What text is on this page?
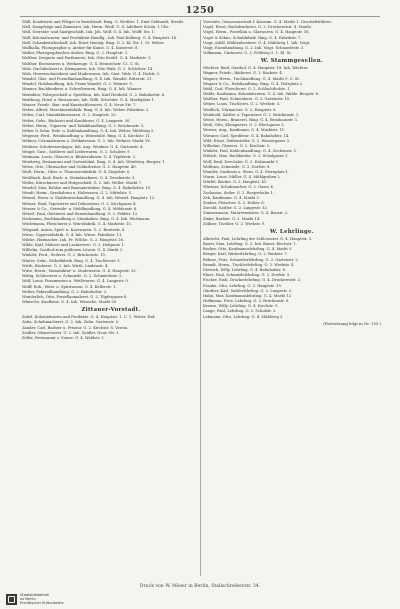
1250
Wüll, Konditorei und Pfleger in Rudolstadt. Rmg. G. Weißstr. 1. Emil Gebhardt, Straße.
Wall, Dampfsäge und Zimmerei, Inh. Herm. Weiß. G. 4. Adelbert Schön. 1 Uhr.
Wall, Getreide- und Saatgeschäft, Inh. Joh. Wolf. G. 4. Inh. Wolff. Str. 1.
Wall, Kolonialwaren- und Produkten-Handlg., Inh. Paul Kolberg. G. 4. Hauptstr. 14.
Wall, Schankwirthschaft, Inh. Ernst Hennig. Rmg. G. 2. Kl. Str. 1. St. Weber.
Wallhalla, Photographie u. Atelier für Kunst. G. 4. Kaiserstr. 8.
Walter, Photographisches Atelier. Rmg. G. 2. Hauptstr. 1.
Walther, Drogerie und Parfümerie, Inh. Otto Seidel. G. 4. Marktstr. 3.
Walther, Eisenwaren u. Werkzeuge. G. 4. Heinrichstr. 12. C. St.
Walz, Dachdeckerei u. Klempnerei, Inh. Otto Walz. G. 2. Schloßstr. 14.
Walz, Herrenschneiderei und Modewaren, Inh. Gust. Walz. G. 4. Hofstr. 2.
Wandel, Glas- und Porzellanhandlung. G. 4. Inh. Wandel. Ritterstr. 21.
Wandel, Holzhandlung, Inh. Franz Wandel. G. 2. Weinstr. 9.
Wanner, Buchbinderei u. Schreibwaren. Rmg. G. 4. Inh. Wanner.
Warmbier, Fuhrgeschäft u. Spedition, Inh. Karl Heubold. G. 2. Bahnhofstr. 6.
Wartburg, Hotel u. Restaurant, Inh. Wilh. Schröder. G. 4. Marktplatz 1.
Wasser, Friedr., Bau- und Kunstschlosserei. G. 4. Neue Str. 7.
Weber, Alfred, Maschinenfabrik. Rmg. G. 4. Inh. Weber. Fabrikstr. 2.
Weber, Carl, Manufakturwaren. G. 2. Hauptstr. 22.
Weber, Gebr., Bäckerei und Konditorei. G. 4. Langestr. 30.
Weber, Heinr., Cigarren- und Tabakhandlung. G. 2. Brückenstr. 3.
Weber & Sohn, Holz- u. Kohlenhandlung. G. 4. Inh. Weber. Mühlweg 5.
Wegener, Ferd., Weinhandlung u. Weinstube. Rmg. G. 4. Kirchstr. 11.
Wehner, Colonialwaren u. Delikatessen. G. 2. Inh. Wehner. Markt 18.
Weidner, Schuhwarenlager, Inh. Aug. Weidner. G. 4. Gartenstr. 4.
Weigel, Gust., Sattlerei und Lederwaren. G. 2. Schulstr. 9.
Weimann, Louis, Glaserei u. Bilderrahmen. G. 4. Töpferstr. 2.
Weinberg, Restaurant und Gartenlokal. Rmg. G. 4. Inh. Weinberg. Bergstr. 1.
Weise, Otto, Uhrmacher und Goldarbeiter. G. 2. Hauptstr. 40.
Weiß, Herm., Ofen- u. Thonwarenfabrik. G. 4. Ziegelstr. 6.
Weißbach, Karl, Buch- u. Steindruckerei. G. 4. Druckerstr. 3.
Weller, Kürschnerei und Hutgeschäft. G. 2. Inh. Weller. Markt 7.
Wendel, Max, Kohlen und Baumaterialien. Rmg. G. 4. Bahnhofstr. 19.
Wendt, Heinr., Drechslerei u. Holzwaren. G. 2. Mittelstr. 5.
Wenzel, Eisen- u. Stahlwarenhandlung. G. 4. Inh. Wenzel. Hauptstr. 12.
Werner, Emil, Tapezierer und Dekorateur. G. 2. Kirchgasse 4.
Werner & Co., Getreide- u. Mehlhandlung. G. 4. Mühlenstr. 8.
Wetzel, Paul, Gärtnerei und Samenhandlung. G. 2. Feldstr. 13.
Wichmann, Buchhandlung u. Musikalien. Rmg. G. 4. Inh. Wichmann.
Wiedemann, Fleischerei u. Wurstfabrik. G. 4. Marktstr. 15.
Wiegand, Anton, Spiel- u. Kurzwaren. G. 2. Breitestr. 6.
Wiese, Cigarrenfabrik. G. 4. Inh. Wiese. Fabrikstr. 11.
Wilcke, Hutmacher, Inh. Fr. Wilcke. G. 2. Hauptstr. 26.
Wilde, Karl, Malerei und Lackiererei. G. 2. Hofgasse 1.
Wilhelm, Gasthof zum goldenen Löwen. G. 4. Markt 2.
Winkler, Ferd., Seilerei. G. 2. Brückenstr. 10.
Winter, Gebr., Möbelfabrik. Rmg. G. 4. Tischlerstr. 3.
Wirth, Bäckerei. G. 2. Inh. Wirth. Lindenstr. 4.
Witte, Herm., Manufaktur- u. Modewaren. G. 4. Hauptstr. 33.
Wittig, Schlosserei u. Schmiede. G. 2. Schmiedestr. 2.
Wolf, Louis, Posamenten u. Weißwaren. G. 4. Langestr. 9.
Wolff, Rob., Wein- u. Spirituosen. G. 4. Kellerstr. 1.
Wolter, Fahrradhandlung. G. 2. Bahnhofstr. 2.
Wunderlich, Otto, Porzellanmalerei. G. 2. Töpfergasse 6.
Wünsche, Kaufhaus. G. 4. Inh. Wünsche. Markt 20.
Zittauer-Vorstadt.
Zabel, Kolonialwaren und Produkte. G. 4. Hauptstr. 1. C. 1. Weber. Hof.
Zahn, Schuhmacherei. G. 2. Inh. Zahn. Gartenstr. 3.
Zander, Carl, Barbier u. Friseur. G. 2. Kirchstr. 8. Verein.
Zeidler, Ofensetzerei. G. 2. Inh. Zeidler. Neue Str. 1.
Zeller, Restaurant z. Sonne. G. 4. Waldstr. 2.
Vorwärts, Genossenschaft f. Konsum. G. 4. Markt 1. Geschäftsführer.
Vogel, Ernst, Buchdruckerei. G. 2. Druckereistr. 4. Straße.
Vogel, Herm., Porzellan u. Glaswaren. G. 4. Hauptstr. 16.
Vogel & Söhne, Schuhfabrik. Rmg. G. 4. Fabrikstr. 7.
Voigt, Adolf, Mühlenbesitzer. G. 4. Mühlweg 1. Inh. Voigt.
Voigt, Eisenhandlung. G. 2. Inh. Voigt. Schmiedestr. 3.
Volkmann, Gärtnerei. G. 2. Feldweg 5. 1. Kl. St.
W. Stammgesellen.
Wächter, Emil, Gasthof. G. 4. Hauptstr. 18. Inh. Wächter.
Wagner, Friedr., Bäckerei. G. 2. Backstr. 4.
Wagner, Herm., Tuchhandlung. G. 4. Markt 9. C. St.
Wagner & Co., Holzhandlung. Rmg. G. 4. Holzplatz 2.
Wahl, Carl, Fleischerei. G. 2. Schlachthofstr. 1.
Walde, Kaufmann, Kolonialwaren. G. 4. Inh. Walde. Bergstr. 6.
Walther, Paul, Schneiderei. G. 2. Gartenstr. 10.
Weber, Louis, Tischlerei. G. 2. Werkstr. 3.
Weidlich, Uhrmacher. G. 2. Hauptstr. 6.
Weinhold, Sattler u. Tapezierer. G. 2. Brückenstr. 1.
Weise, Herm., Brauerei. Rmg. G. 4. Brauhausstr. 1.
Weiß, Otto, Klempnerei. G. 2. Blechgasse 2.
Werner, Aug., Kaufmann. G. 4. Marktstr. 11.
Wiesner, Carl, Spediteur. G. 4. Bahnhofstr. 14.
Wild, Ernst, Seifensieder. G. 2. Wassergasse 3.
Wilhelmi, Glaserei. G. 2. Kirchstr. 5.
Winkler, Paul, Kohlenhandlung. G. 4. Zechenstr. 2.
Wittich, Max, Buchbinder. G. 2. Schulgasse 1.
Wolf, Emil, Drechsler. G. 2. Holzmarkt 3.
Wolfram, Schmiede. G. 2. Dorfstr. 8.
Wunder, Gasthaus z. Stern. G. 4. Sternplatz 1.
Wurm, Louis, Müller. G. 4. Mühlgraben 2.
Würfel, Bäcker. G. 2. Hauptstr. 41.
Wüstner, Schuhmacher. G. 2. Gasse 4.
Zacharias, Seiler. G. 2. Reeperbahn 1.
Zeh, Kaufmann. G. 4. Markt 3.
Zenker, Fleischer. G. 2. Hofstr. 6.
Zierold, Sattler. G. 2. Langestr. 12.
Zimmermann, Maurermeister. G. 4. Baustr. 2.
Zinke, Barbier. G. 2. Markt 14.
Zöllner, Tischler. G. 2. Werkstr. 9.
W. Lehrlinge.
Albrecht, Paul, Lehrling der Schlosserei. G. 4. Hauptstr. 3.
Bauer, Max, Lehrling. G. 2. Inh. Bauer. Kirchstr. 1.
Becker, Otto, Kaufmannslehrling. G. 4. Markt 5.
Berger, Karl, Bäckerlehrling. G. 2. Backstr. 7.
Böhme, Fritz, Schneiderlehrling. G. 2. Gartenstr. 2.
Brandt, Herm., Tischlerlehrling. G. 2. Werkstr. 4.
Dietrich, Willy, Lehrling. G. 4. Bahnhofstr. 8.
Ebert, Paul, Schmiedelehrling. G. 2. Dorfstr. 3.
Fischer, Emil, Druckerlehrling. G. 4. Druckereistr. 2.
Franke, Otto, Lehrling. G. 2. Hauptstr. 19.
Günther, Karl, Sattlerlehrling. G. 2. Langestr. 5.
Hahn, Max, Kaufmannslehrling. G. 4. Markt 12.
Hoffmann, Fritz, Lehrling. G. 2. Brückenstr. 6.
Krause, Willy, Lehrling. G. 4. Kirchstr. 9.
Lange, Paul, Lehrling. G. 2. Schulstr. 2.
Lehmann, Otto, Lehrling. G. 4. Mühlweg 3.
(Fortsetzung folgt in Nr. 155.)
Druck von W. Möser in Berlin, Stallschreiberstr. 34.
Staatsbibliothek
zu Berlin
Preußischer Kulturbesitz
